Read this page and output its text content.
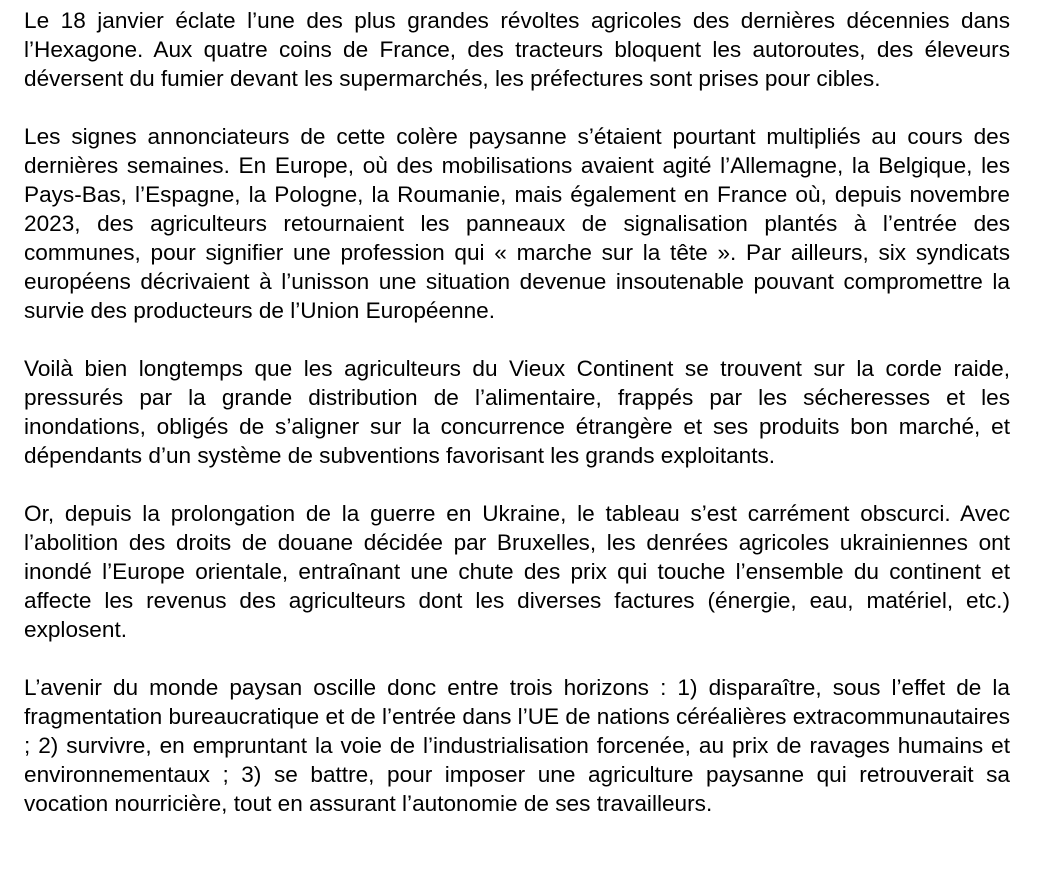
Le 18 janvier éclate l’une des plus grandes révoltes agricoles des dernières décennies dans l’Hexagone. Aux quatre coins de France, des tracteurs bloquent les autoroutes, des éleveurs déversent du fumier devant les supermarchés, les préfectures sont prises pour cibles.

Les signes annonciateurs de cette colère paysanne s’étaient pourtant multipliés au cours des dernières semaines. En Europe, où des mobilisations avaient agité l’Allemagne, la Belgique, les Pays-Bas, l’Espagne, la Pologne, la Roumanie, mais également en France où, depuis novembre 2023, des agriculteurs retournaient les panneaux de signalisation plantés à l’entrée des communes, pour signifier une profession qui « marche sur la tête ». Par ailleurs, six syndicats européens décrivaient à l’unisson une situation devenue insoutenable pouvant compromettre la survie des producteurs de l’Union Européenne.

Voilà bien longtemps que les agriculteurs du Vieux Continent se trouvent sur la corde raide, pressurés par la grande distribution de l’alimentaire, frappés par les sécheresses et les inondations, obligés de s’aligner sur la concurrence étrangère et ses produits bon marché, et dépendants d’un système de subventions favorisant les grands exploitants.

Or, depuis la prolongation de la guerre en Ukraine, le tableau s’est carrément obscurci. Avec l’abolition des droits de douane décidée par Bruxelles, les denrées agricoles ukrainiennes ont inondé l’Europe orientale, entraînant une chute des prix qui touche l’ensemble du continent et affecte les revenus des agriculteurs dont les diverses factures (énergie, eau, matériel, etc.) explosent.

L’avenir du monde paysan oscille donc entre trois horizons : 1) disparaître, sous l’effet de la fragmentation bureaucratique et de l’entrée dans l’UE de nations céréalières extracommunautaires ; 2) survivre, en empruntant la voie de l’industrialisation forcenée, au prix de ravages humains et environnementaux ; 3) se battre, pour imposer une agriculture paysanne qui retrouverait sa vocation nourricière, tout en assurant l’autonomie de ses travailleurs.
